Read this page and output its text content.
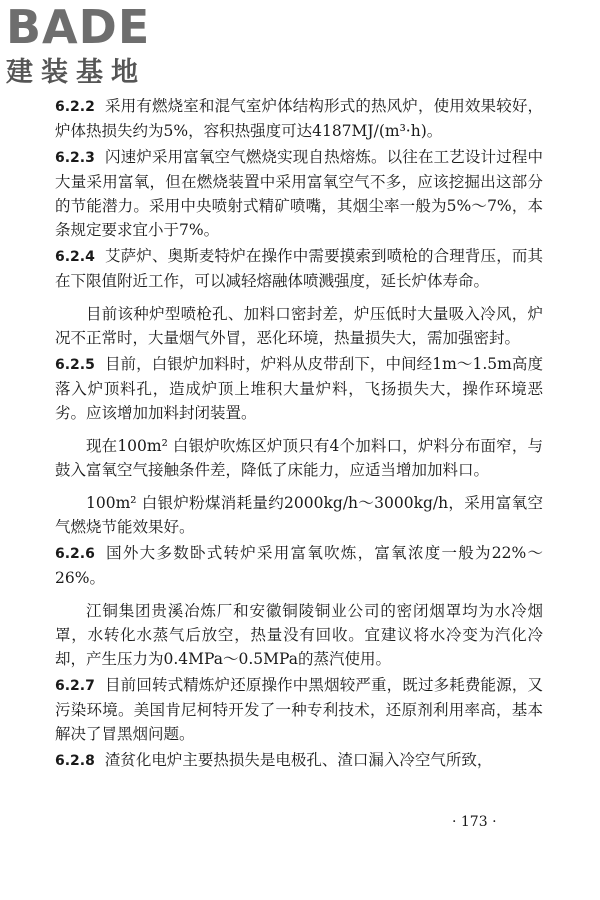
BADE
建装基地

6.2.2 采用有燃烧室和混气室炉体结构形式的热风炉，使用效果较好，炉体热损失约为5%，容积热强度可达4187MJ/(m³·h)。

6.2.3 闪速炉采用富氧空气燃烧实现自热熔炼。以往在工艺设计过程中大量采用富氧，但在燃烧装置中采用富氧空气不多，应该挖掘出这部分的节能潜力。采用中央喷射式精矿喷嘴，其烟尘率一般为5%～7%，本条规定要求宜小于7%。

6.2.4 艾萨炉、奥斯麦特炉在操作中需要摸索到喷枪的合理背压，而其在下限值附近工作，可以减轻熔融体喷溅强度，延长炉体寿命。

目前该种炉型喷枪孔、加料口密封差，炉压低时大量吸入冷风，炉况不正常时，大量烟气外冒，恶化环境，热量损失大，需加强密封。

6.2.5 目前，白银炉加料时，炉料从皮带刮下，中间经1m～1.5m高度落入炉顶料孔，造成炉顶上堆积大量炉料，飞扬损失大，操作环境恶劣。应该增加加料封闭装置。

现在100m² 白银炉吹炼区炉顶只有4个加料口，炉料分布面窄，与鼓入富氧空气接触条件差，降低了床能力，应适当增加加料口。

100m² 白银炉粉煤消耗量约2000kg/h～3000kg/h，采用富氧空气燃烧节能效果好。

6.2.6 国外大多数卧式转炉采用富氧吹炼，富氧浓度一般为22%～26%。

江铜集团贵溪冶炼厂和安徽铜陵铜业公司的密闭烟罩均为水冷烟罩，水转化水蒸气后放空，热量没有回收。宜建议将水冷变为汽化冷却，产生压力为0.4MPa～0.5MPa的蒸汽使用。

6.2.7 目前回转式精炼炉还原操作中黑烟较严重，既过多耗费能源，又污染环境。美国肯尼柯特开发了一种专利技术，还原剂利用率高，基本解决了冒黑烟问题。

6.2.8 渣贫化电炉主要热损失是电极孔、渣口漏入冷空气所致，

· 173 ·
